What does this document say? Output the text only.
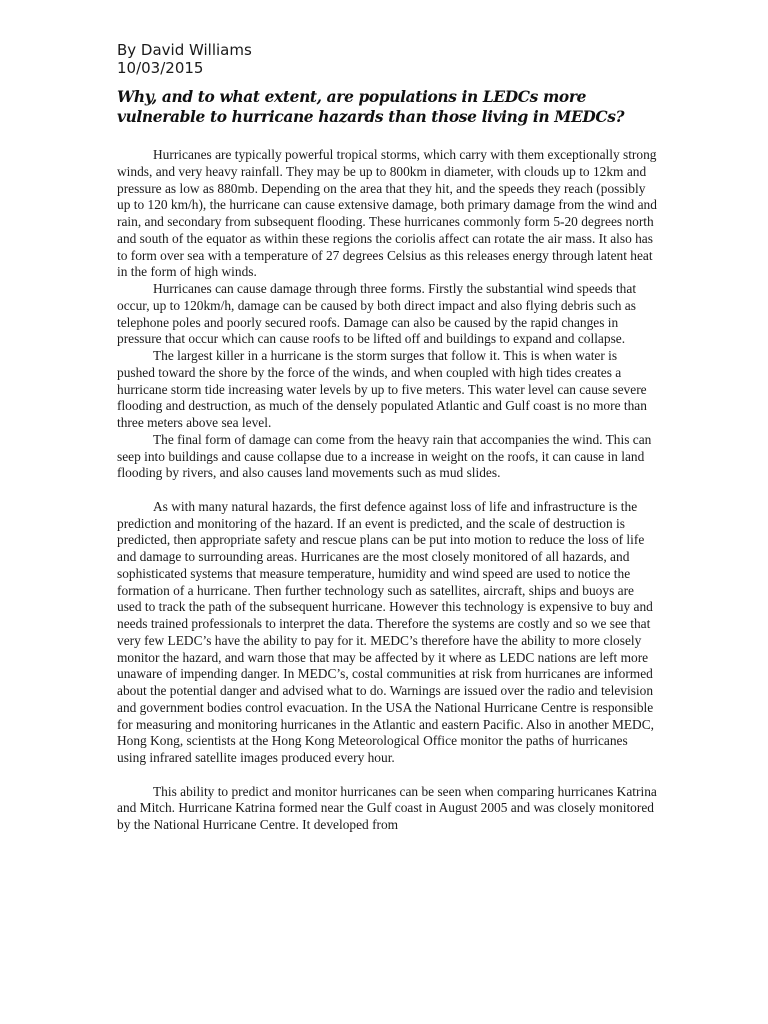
By David Williams
10/03/2015
Why, and to what extent, are populations in LEDCs more vulnerable to hurricane hazards than those living in MEDCs?

Hurricanes are typically powerful tropical storms, which carry with them exceptionally strong winds, and very heavy rainfall. They may be up to 800km in diameter, with clouds up to 12km and pressure as low as 880mb. Depending on the area that they hit, and the speeds they reach (possibly up to 120 km/h), the hurricane can cause extensive damage, both primary damage from the wind and rain, and secondary from subsequent flooding. These hurricanes commonly form 5-20 degrees north and south of the equator as within these regions the coriolis affect can rotate the air mass. It also has to form over sea with a temperature of 27 degrees Celsius as this releases energy through latent heat in the form of high winds.

Hurricanes can cause damage through three forms. Firstly the substantial wind speeds that occur, up to 120km/h, damage can be caused by both direct impact and also flying debris such as telephone poles and poorly secured roofs. Damage can also be caused by the rapid changes in pressure that occur which can cause roofs to be lifted off and buildings to expand and collapse.

The largest killer in a hurricane is the storm surges that follow it. This is when water is pushed toward the shore by the force of the winds, and when coupled with high tides creates a hurricane storm tide increasing water levels by up to five meters. This water level can cause severe flooding and destruction, as much of the densely populated Atlantic and Gulf coast is no more than three meters above sea level.

The final form of damage can come from the heavy rain that accompanies the wind. This can seep into buildings and cause collapse due to a increase in weight on the roofs, it can cause in land flooding by rivers, and also causes land movements such as mud slides.

As with many natural hazards, the first defence against loss of life and infrastructure is the prediction and monitoring of the hazard. If an event is predicted, and the scale of destruction is predicted, then appropriate safety and rescue plans can be put into motion to reduce the loss of life and damage to surrounding areas. Hurricanes are the most closely monitored of all hazards, and sophisticated systems that measure temperature, humidity and wind speed are used to notice the formation of a hurricane. Then further technology such as satellites, aircraft, ships and buoys are used to track the path of the subsequent hurricane. However this technology is expensive to buy and needs trained professionals to interpret the data. Therefore the systems are costly and so we see that very few LEDC’s have the ability to pay for it. MEDC’s therefore have the ability to more closely monitor the hazard, and warn those that may be affected by it where as LEDC nations are left more unaware of impending danger. In MEDC’s, costal communities at risk from hurricanes are informed about the potential danger and advised what to do. Warnings are issued over the radio and television and government bodies control evacuation. In the USA the National Hurricane Centre is responsible for measuring and monitoring hurricanes in the Atlantic and eastern Pacific. Also in another MEDC, Hong Kong, scientists at the Hong Kong Meteorological Office monitor the paths of hurricanes using infrared satellite images produced every hour.

This ability to predict and monitor hurricanes can be seen when comparing hurricanes Katrina and Mitch. Hurricane Katrina formed near the Gulf coast in August 2005 and was closely monitored by the National Hurricane Centre. It developed from
